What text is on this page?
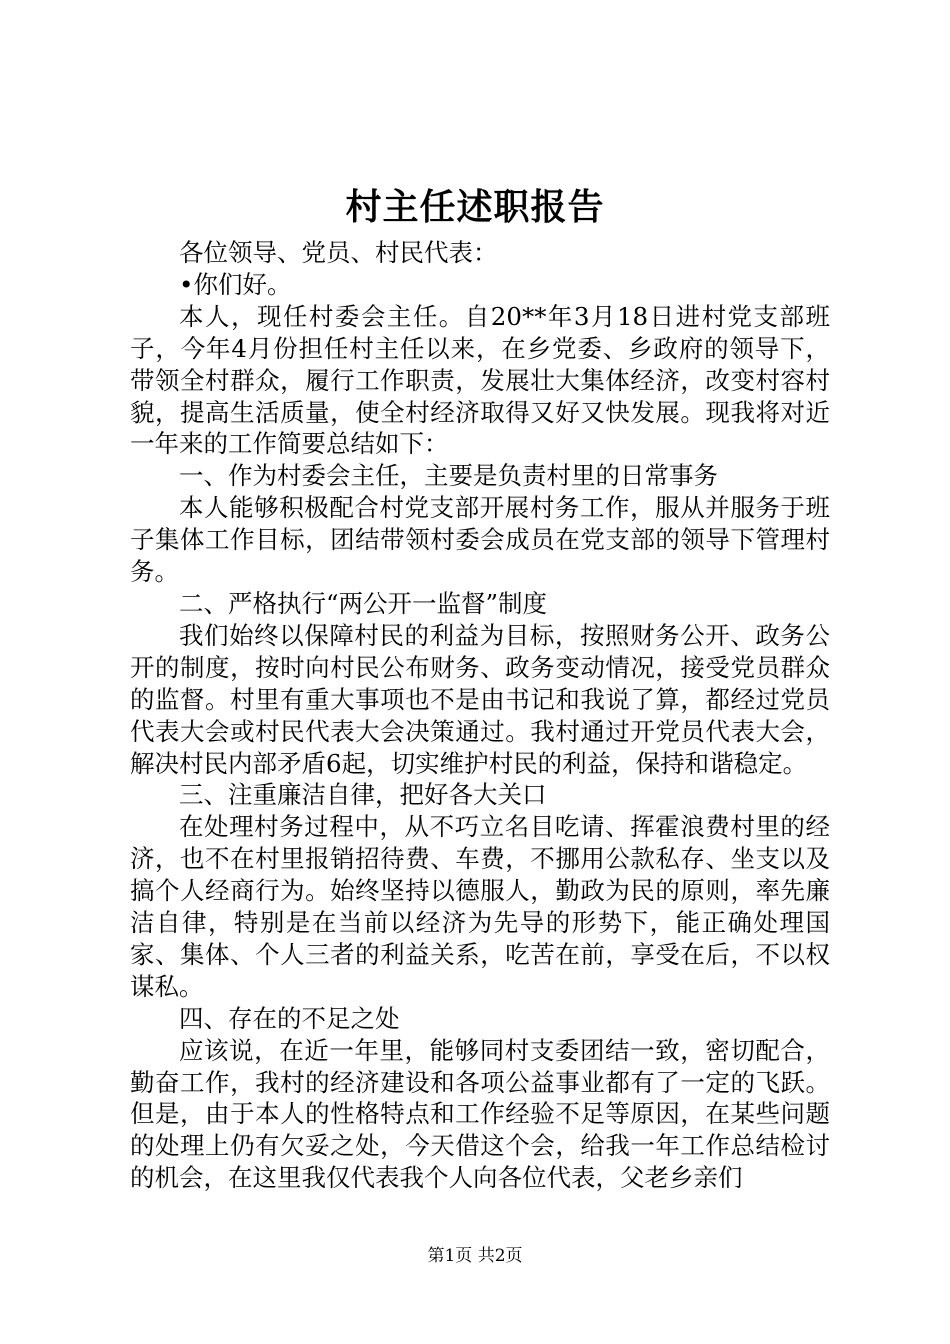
村主任述职报告

各位领导、党员、村民代表：

•你们好。

本人，现任村委会主任。自20**年3月18日进村党支部班子，今年4月份担任村主任以来，在乡党委、乡政府的领导下，带领全村群众，履行工作职责，发展壮大集体经济，改变村容村貌，提高生活质量，使全村经济取得又好又快发展。现我将对近一年来的工作简要总结如下：

一、作为村委会主任，主要是负责村里的日常事务

本人能够积极配合村党支部开展村务工作，服从并服务于班子集体工作目标，团结带领村委会成员在党支部的领导下管理村务。

二、严格执行“两公开一监督”制度

我们始终以保障村民的利益为目标，按照财务公开、政务公开的制度，按时向村民公布财务、政务变动情况，接受党员群众的监督。村里有重大事项也不是由书记和我说了算，都经过党员代表大会或村民代表大会决策通过。我村通过开党员代表大会，解决村民内部矛盾6起，切实维护村民的利益，保持和谐稳定。

三、注重廉洁自律，把好各大关口

在处理村务过程中，从不巧立名目吃请、挥霍浪费村里的经济，也不在村里报销招待费、车费，不挪用公款私存、坐支以及搞个人经商行为。始终坚持以德服人，勤政为民的原则，率先廉洁自律，特别是在当前以经济为先导的形势下，能正确处理国家、集体、个人三者的利益关系，吃苦在前，享受在后，不以权谋私。

四、存在的不足之处

应该说，在近一年里，能够同村支委团结一致，密切配合，勤奋工作，我村的经济建设和各项公益事业都有了一定的飞跃。但是，由于本人的性格特点和工作经验不足等原因，在某些问题的处理上仍有欠妥之处，今天借这个会，给我一年工作总结检讨的机会，在这里我仅代表我个人向各位代表，父老乡亲们

第1页 共2页
